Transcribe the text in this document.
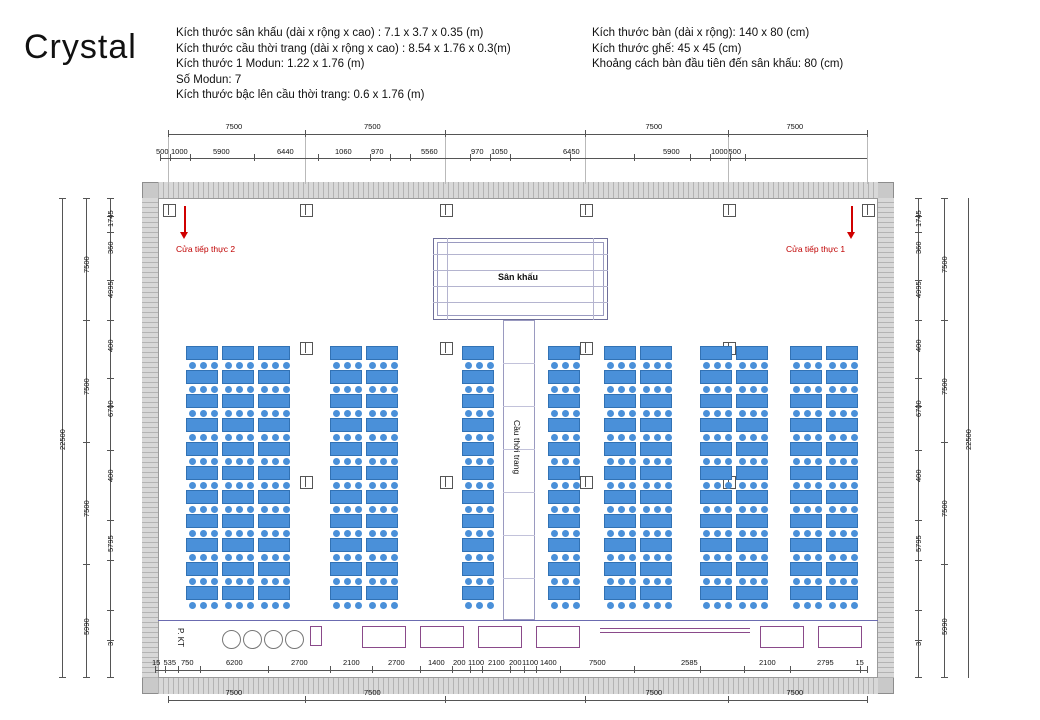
Crystal	Kích thước sân khấu (dài x rộng x cao) : 7.1 x 3.7 x 0.35 (m)
Kích thước cầu thời trang (dài x rộng x cao) : 8.54 x 1.76 x 0.3(m)
Kích thước 1 Modun: 1.22 x 1.76 (m)
Số Modun: 7
Kích thước bậc lên cầu thời trang: 0.6 x 1.76 (m)
Kích thước bàn (dài x rộng): 140 x 80 (cm)
Kích thước ghế: 45 x 45 (cm)
Khoảng cách bàn đầu tiên đến sân khấu: 80 (cm)
Sân khấu
Cầu thời trang
Cửa tiếp thực 2	Cửa tiếp thực 1
P. KT
7500	7500	7500	7500
500 1000	5900	6440	1060	970	5560	970 1050	6450	5900	1000 500
22500
7500
7500
7500
5990
1745
360
4995
400
6700
400
5795
3
1745
360
4995
400
6700
400
5795
3
7500
7500
7500
5990
22500
15 535 750	6200	2700	2100	2700	1400 200 1100 2100 200 1100 1400	7500	2585	2100	2795	15
7500	7500	7500	7500
